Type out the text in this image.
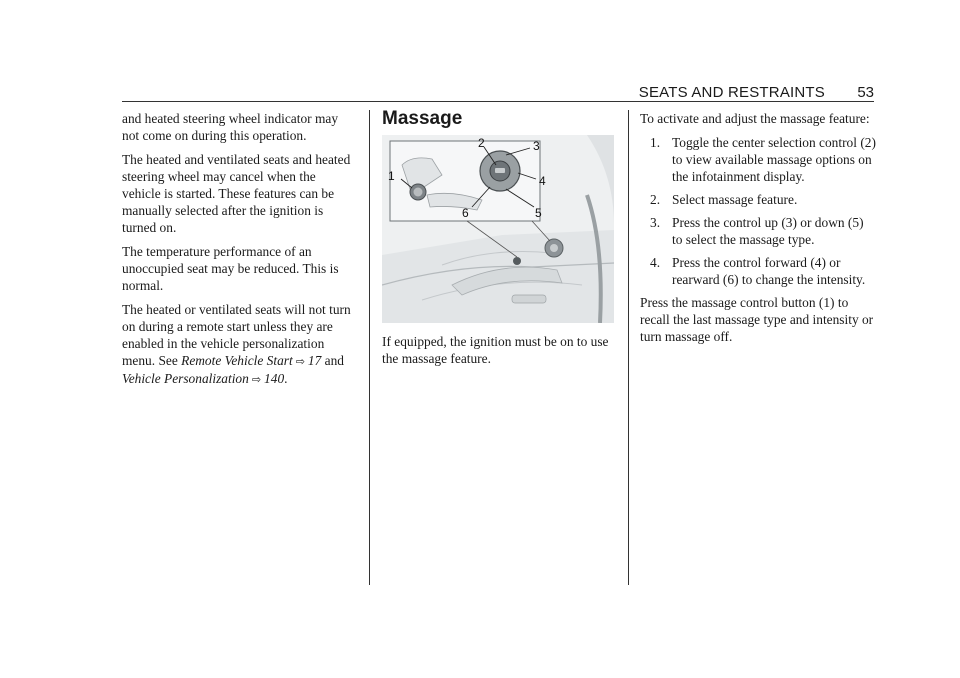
SEATS AND RESTRAINTS 53

and heated steering wheel indicator may not come on during this operation.

The heated and ventilated seats and heated steering wheel may cancel when the vehicle is started. These features can be manually selected after the ignition is turned on.

The temperature performance of an unoccupied seat may be reduced. This is normal.

The heated or ventilated seats will not turn on during a remote start unless they are enabled in the vehicle personalization menu. See Remote Vehicle Start ⇨ 17 and
Vehicle Personalization ⇨ 140.

Massage
1
2	3
4
5
6

If equipped, the ignition must be on to use the massage feature.

To activate and adjust the massage feature:

1. Toggle the center selection control (2) to view available massage options on the infotainment display.
2. Select massage feature.
3. Press the control up (3) or down (5) to select the massage type.
4. Press the control forward (4) or rearward (6) to change the intensity.

Press the massage control button (1) to recall the last massage type and intensity or turn massage off.
